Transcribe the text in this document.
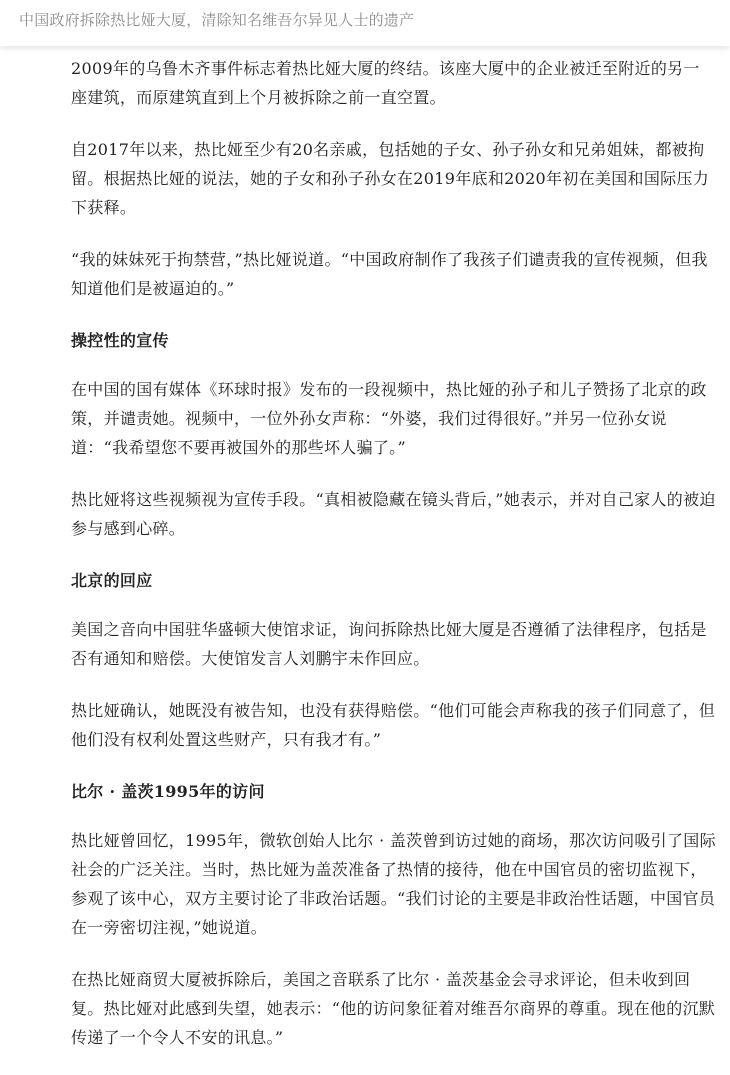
中国政府拆除热比娅大厦，清除知名维吾尔异见人士的遗产

2009年的乌鲁木齐事件标志着热比娅大厦的终结。该座大厦中的企业被迁至附近的另一座建筑，而原建筑直到上个月被拆除之前一直空置。

自2017年以来，热比娅至少有20名亲戚，包括她的子女、孙子孙女和兄弟姐妹，都被拘留。根据热比娅的说法，她的子女和孙子孙女在2019年底和2020年初在美国和国际压力下获释。

“我的妹妹死于拘禁营，”热比娅说道。“中国政府制作了我孩子们谴责我的宣传视频，但我知道他们是被逼迫的。”

操控性的宣传

在中国的国有媒体《环球时报》发布的一段视频中，热比娅的孙子和儿子赞扬了北京的政策，并谴责她。视频中，一位外孙女声称：“外婆，我们过得很好。”并另一位孙女说道：“我希望您不要再被国外的那些坏人骗了。”

热比娅将这些视频视为宣传手段。“真相被隐藏在镜头背后，”她表示，并对自己家人的被迫参与感到心碎。

北京的回应

美国之音向中国驻华盛顿大使馆求证，询问拆除热比娅大厦是否遵循了法律程序，包括是否有通知和赔偿。大使馆发言人刘鹏宇未作回应。

热比娅确认，她既没有被告知，也没有获得赔偿。“他们可能会声称我的孩子们同意了，但他们没有权利处置这些财产，只有我才有。”

比尔 · 盖茨1995年的访问

热比娅曾回忆，1995年，微软创始人比尔 · 盖茨曾到访过她的商场，那次访问吸引了国际社会的广泛关注。当时，热比娅为盖茨准备了热情的接待，他在中国官员的密切监视下，参观了该中心，双方主要讨论了非政治话题。“我们讨论的主要是非政治性话题，中国官员在一旁密切注视，”她说道。

在热比娅商贸大厦被拆除后，美国之音联系了比尔 · 盖茨基金会寻求评论，但未收到回复。热比娅对此感到失望，她表示：“他的访问象征着对维吾尔商界的尊重。现在他的沉默传递了一个令人不安的讯息。”
